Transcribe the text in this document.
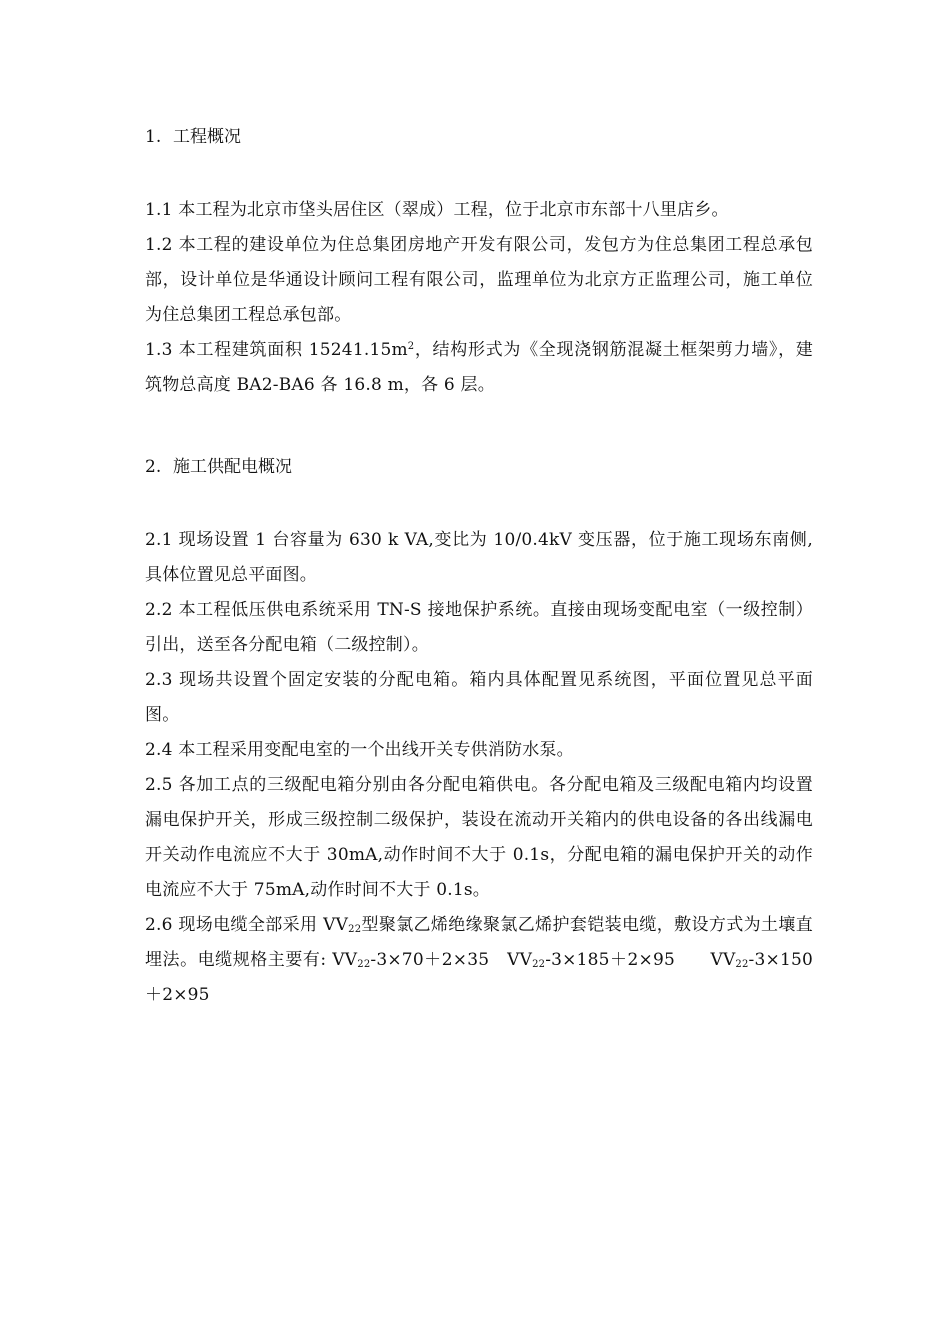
1. 工程概况

1.1 本工程为北京市垡头居住区（翠成）工程，位于北京市东部十八里店乡。

1.2 本工程的建设单位为住总集团房地产开发有限公司，发包方为住总集团工程总承包部，设计单位是华通设计顾问工程有限公司，监理单位为北京方正监理公司，施工单位为住总集团工程总承包部。

1.3 本工程建筑面积 $15241.15m^2$，结构形式为《全现浇钢筋混凝土框架剪力墙》，建筑物总高度 BA2-BA6 各 16.8 m，各 6 层。

2. 施工供配电概况

2.1 现场设置 1 台容量为 630 k VA,变比为 10/0.4kV 变压器，位于施工现场东南侧,具体位置见总平面图。

2.2 本工程低压供电系统采用 TN-S 接地保护系统。直接由现场变配电室（一级控制）引出，送至各分配电箱（二级控制）。

2.3 现场共设置个固定安装的分配电箱。箱内具体配置见系统图，平面位置见总平面图。

2.4 本工程采用变配电室的一个出线开关专供消防水泵。

2.5 各加工点的三级配电箱分别由各分配电箱供电。各分配电箱及三级配电箱内均设置漏电保护开关，形成三级控制二级保护，装设在流动开关箱内的供电设备的各出线漏电开关动作电流应不大于 30mA,动作时间不大于 0.1s，分配电箱的漏电保护开关的动作电流应不大于 75mA,动作时间不大于 0.1s。

2.6 现场电缆全部采用 $VV_{22}$型聚氯乙烯绝缘聚氯乙烯护套铠装电缆，敷设方式为土壤直埋法。电缆规格主要有: $VV_{22}-3\times 70+2\times 35$　$VV_{22}-3\times 185+2\times 95$　　$VV_{22}-3\times 150+2\times 95$
